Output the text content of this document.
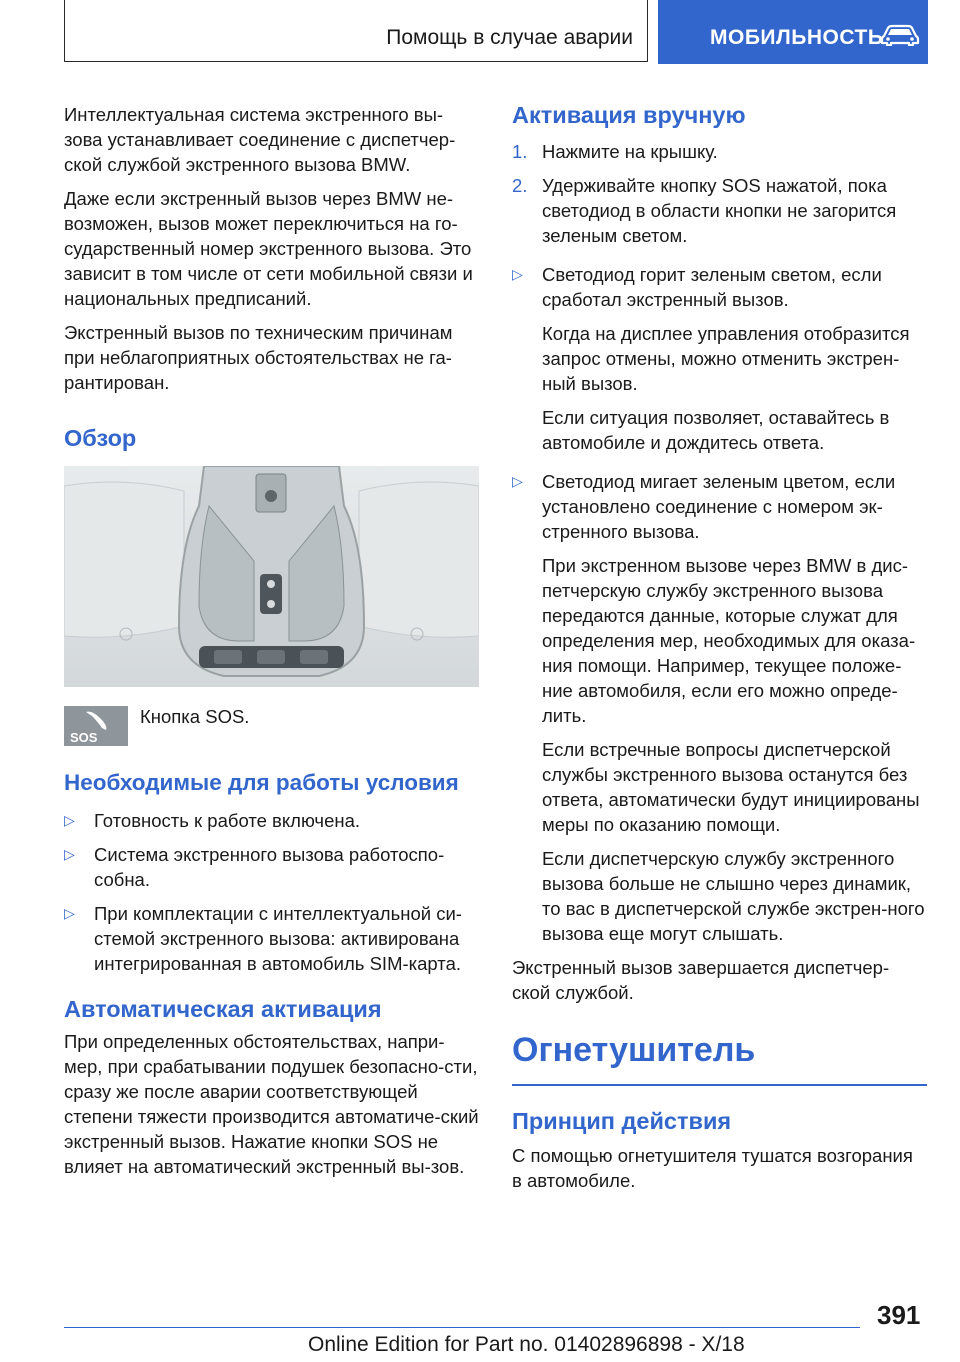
Помощь в случае аварии	МОБИЛЬНОСТЬ

Интеллектуальная система экстренного вы-зова устанавливает соединение с диспетчер-ской службой экстренного вызова BMW.

Даже если экстренный вызов через BMW не-возможен, вызов может переключиться на го-сударственный номер экстренного вызова. Это зависит в том числе от сети мобильной связи и национальных предписаний.

Экстренный вызов по техническим причинам при неблагоприятных обстоятельствах не га-рантирован.

Обзор
SOS
Кнопка SOS.
Необходимые для работы условия
▷ Готовность к работе включена.
▷ Система экстренного вызова работоспо-собна.
▷ При комплектации с интеллектуальной си-стемой экстренного вызова: активирована интегрированная в автомобиль SIM-карта.
Автоматическая активация

При определенных обстоятельствах, напри-мер, при срабатывании подушек безопасно-сти, сразу же после аварии соответствующей степени тяжести производится автоматиче-ский экстренный вызов. Нажатие кнопки SOS не влияет на автоматический экстренный вы-зов.

Активация вручную
1. Нажмите на крышку.
2. Удерживайте кнопку SOS нажатой, пока светодиод в области кнопки не загорится зеленым светом.
▷ Светодиод горит зеленым светом, если сработал экстренный вызов.
Когда на дисплее управления отобразится запрос отмены, можно отменить экстрен-ный вызов.
Если ситуация позволяет, оставайтесь в автомобиле и дождитесь ответа.
▷ Светодиод мигает зеленым цветом, если установлено соединение с номером эк-стренного вызова.
При экстренном вызове через BMW в дис-петчерскую службу экстренного вызова передаются данные, которые служат для определения мер, необходимых для оказа-ния помощи. Например, текущее положе-ние автомобиля, если его можно опреде-лить.
Если встречные вопросы диспетчерской службы экстренного вызова останутся без ответа, автоматически будут инициированы меры по оказанию помощи.
Если диспетчерскую службу экстренного вызова больше не слышно через динамик, то вас в диспетчерской службе экстрен-ного вызова еще могут слышать.

Экстренный вызов завершается диспетчер-ской службой.

Огнетушитель
Принцип действия

С помощью огнетушителя тушатся возгорания в автомобиле.

391
Online Edition for Part no. 01402896898 - X/18
